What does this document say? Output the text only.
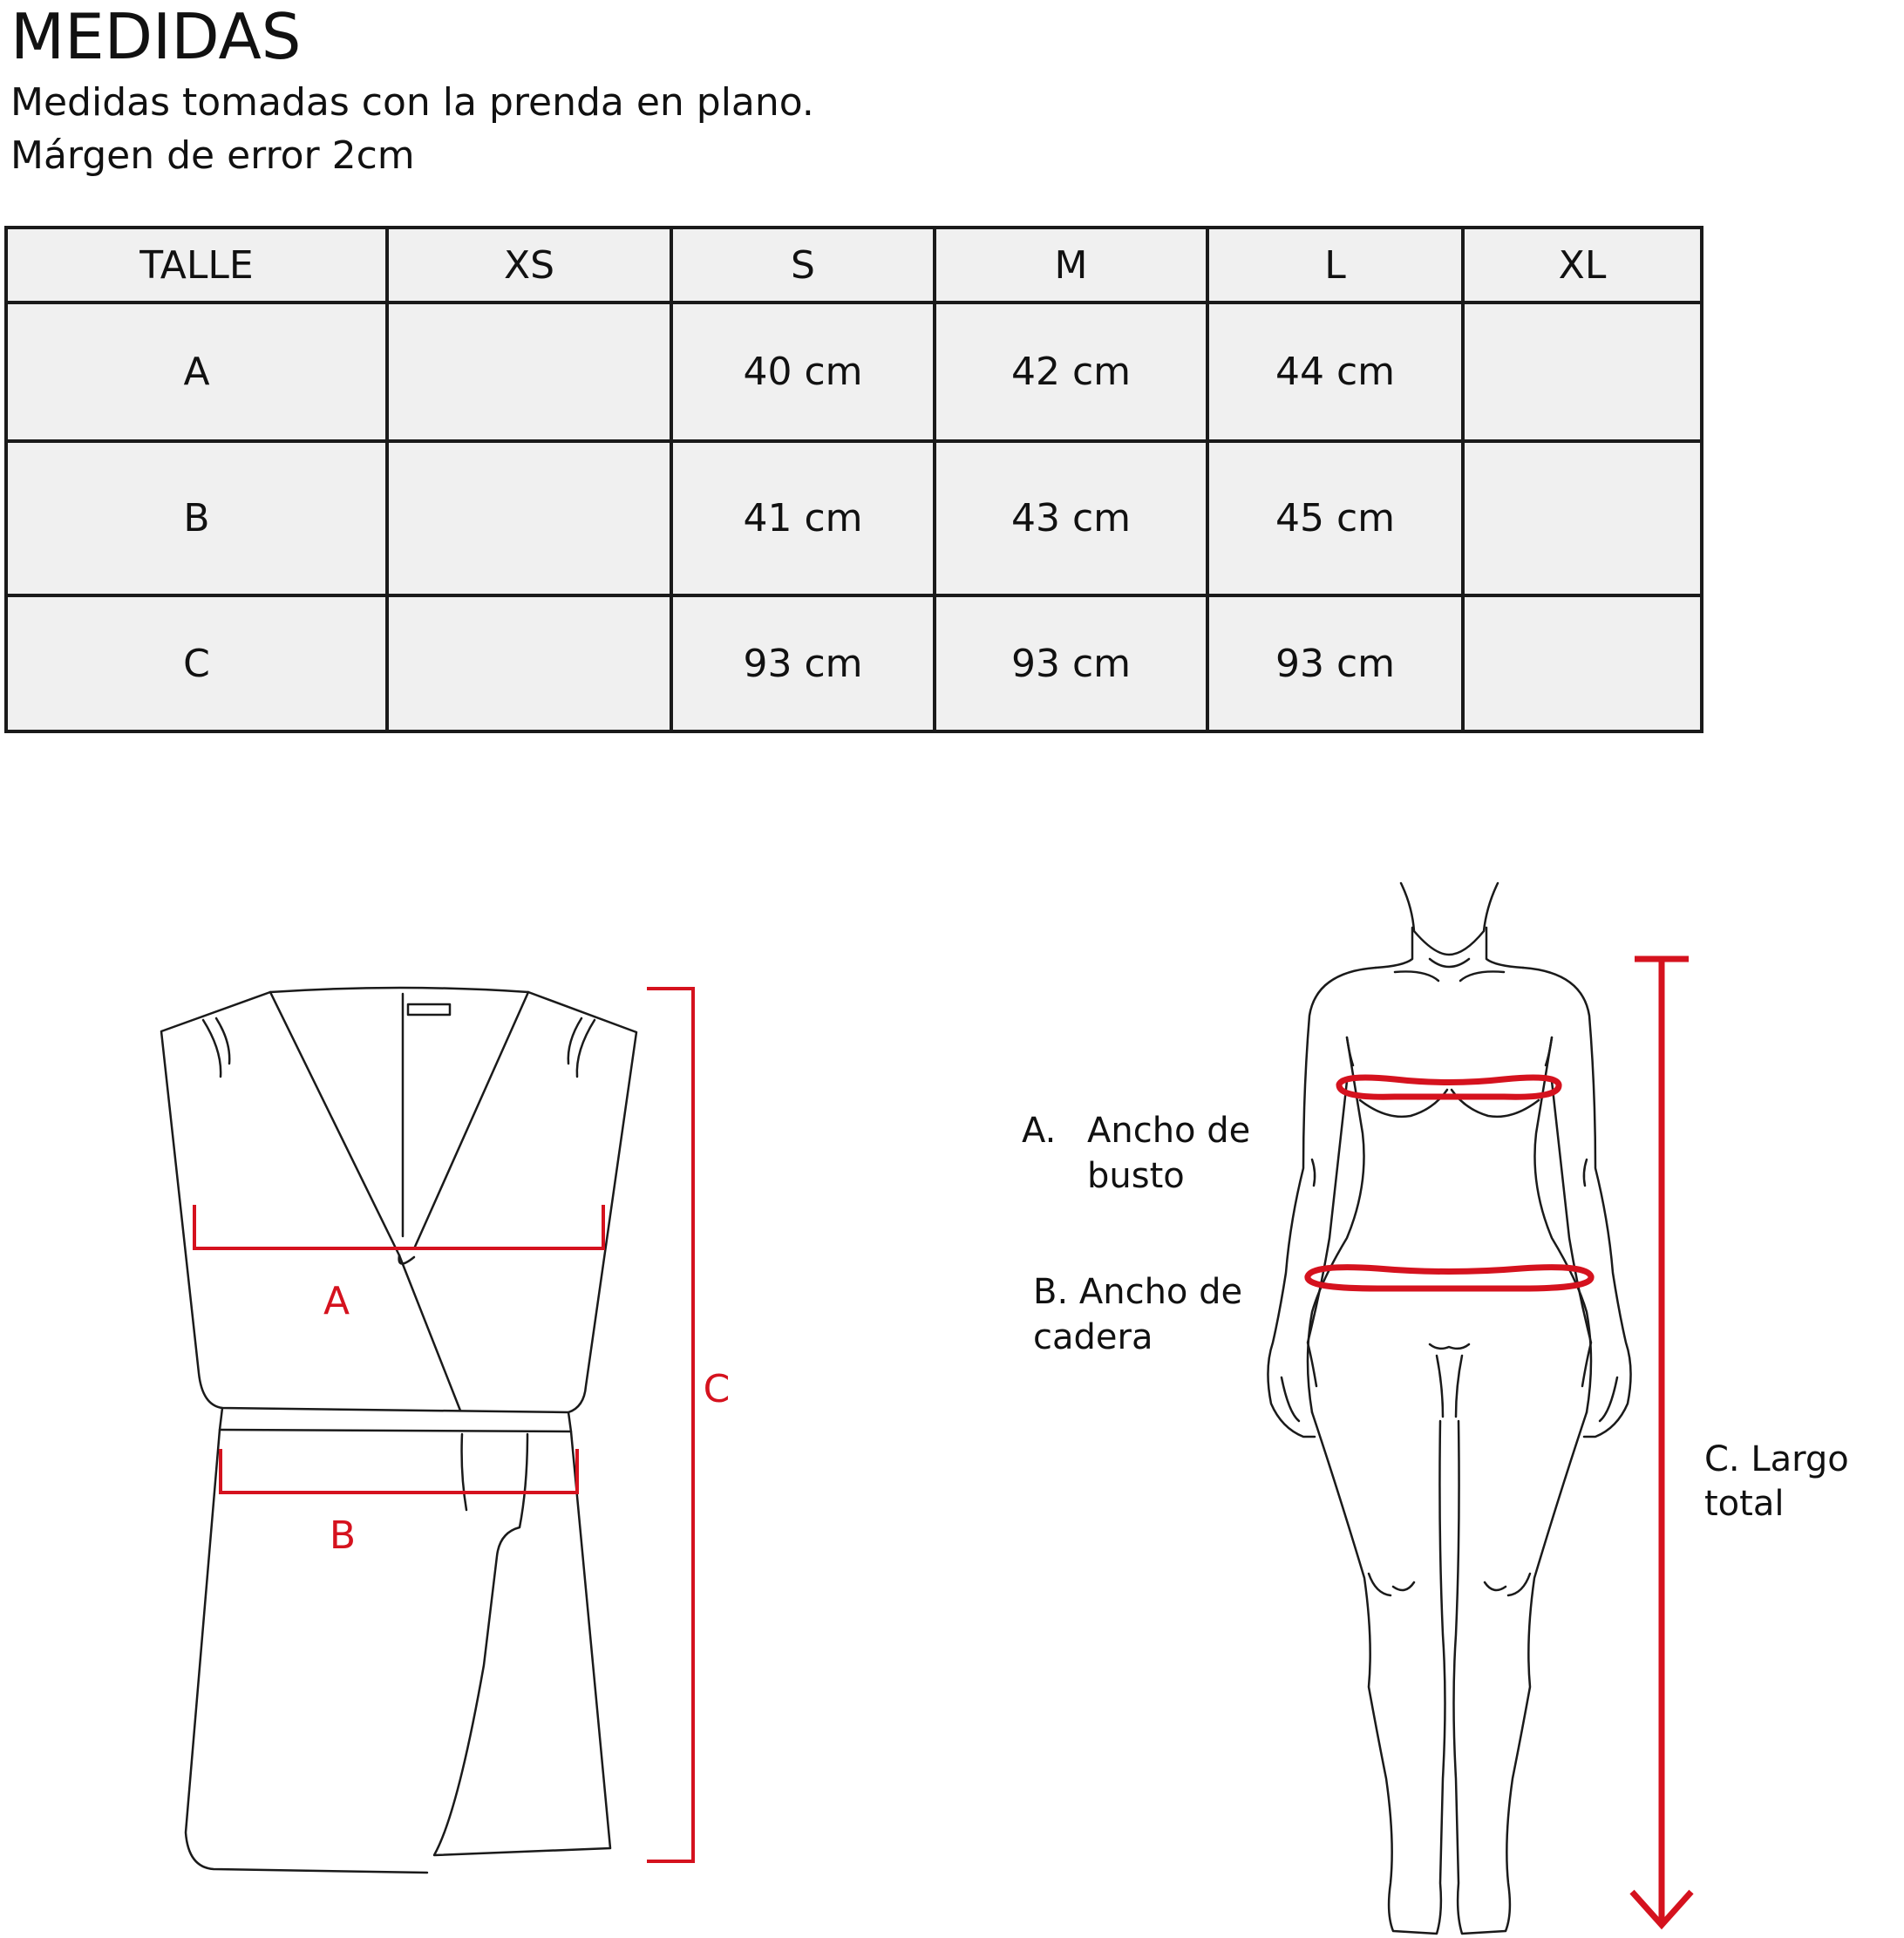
MEDIDAS

Medidas tomadas con la prenda en plano.

Márgen de error 2cm

TALLE	XS	S	M	L	XL
A		40 cm	42 cm	44 cm	
B		41 cm	43 cm	45 cm	
C		93 cm	93 cm	93 cm	
A
B
C
A. Ancho de
busto
B. Ancho de
cadera
C. Largo
total
